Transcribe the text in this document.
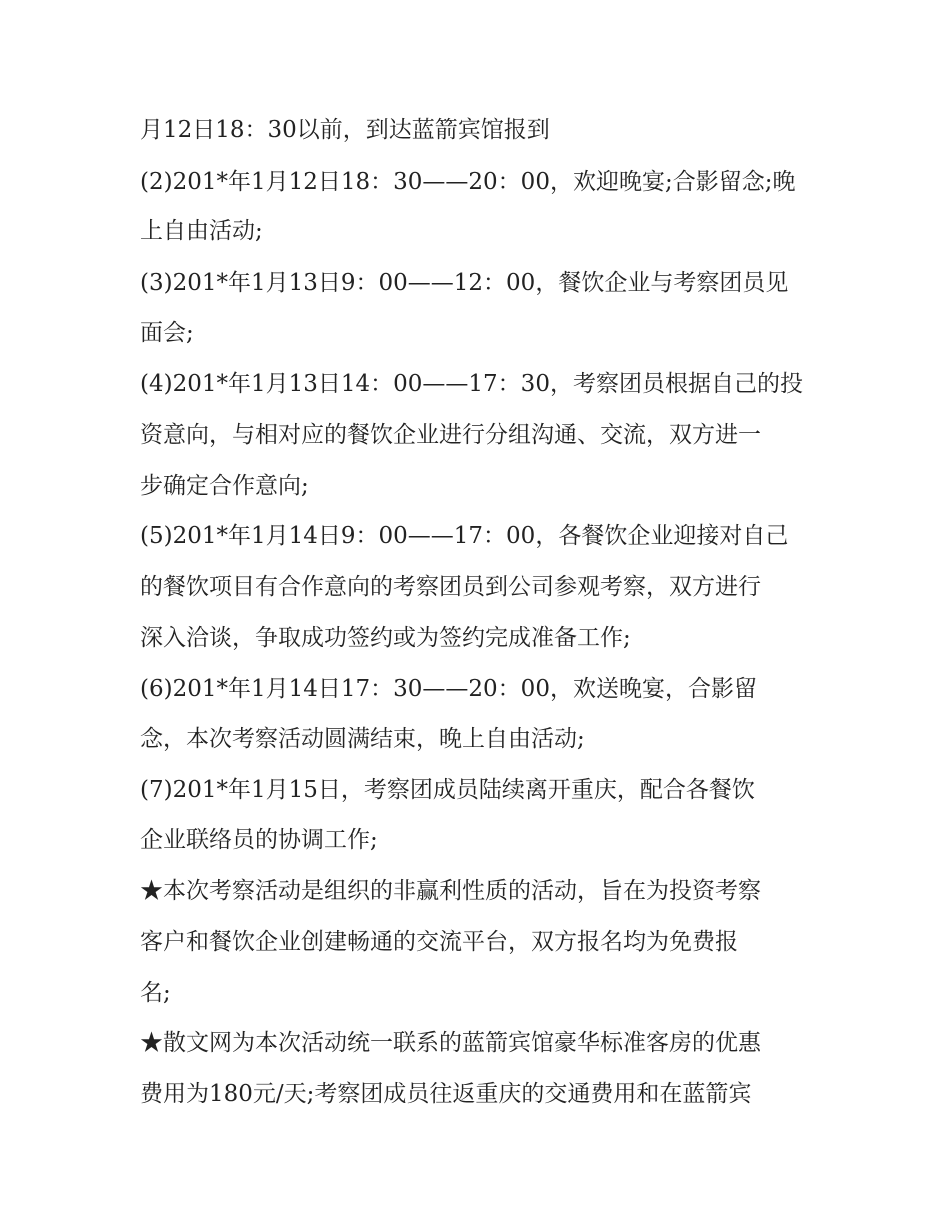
月12日18：30以前，到达蓝箭宾馆报到
(2)201*年1月12日18：30——20：00，欢迎晚宴;合影留念;晚
上自由活动;
(3)201*年1月13日9：00——12：00，餐饮企业与考察团员见
面会;
(4)201*年1月13日14：00——17：30，考察团员根据自己的投
资意向，与相对应的餐饮企业进行分组沟通、交流，双方进一
步确定合作意向;
(5)201*年1月14日9：00——17：00，各餐饮企业迎接对自己
的餐饮项目有合作意向的考察团员到公司参观考察，双方进行
深入洽谈，争取成功签约或为签约完成准备工作;
(6)201*年1月14日17：30——20：00，欢送晚宴，合影留
念，本次考察活动圆满结束，晚上自由活动;
(7)201*年1月15日，考察团成员陆续离开重庆，配合各餐饮
企业联络员的协调工作;
★本次考察活动是组织的非赢利性质的活动，旨在为投资考察
客户和餐饮企业创建畅通的交流平台，双方报名均为免费报
名;
★散文网为本次活动统一联系的蓝箭宾馆豪华标准客房的优惠
费用为180元/天;考察团成员往返重庆的交通费用和在蓝箭宾
